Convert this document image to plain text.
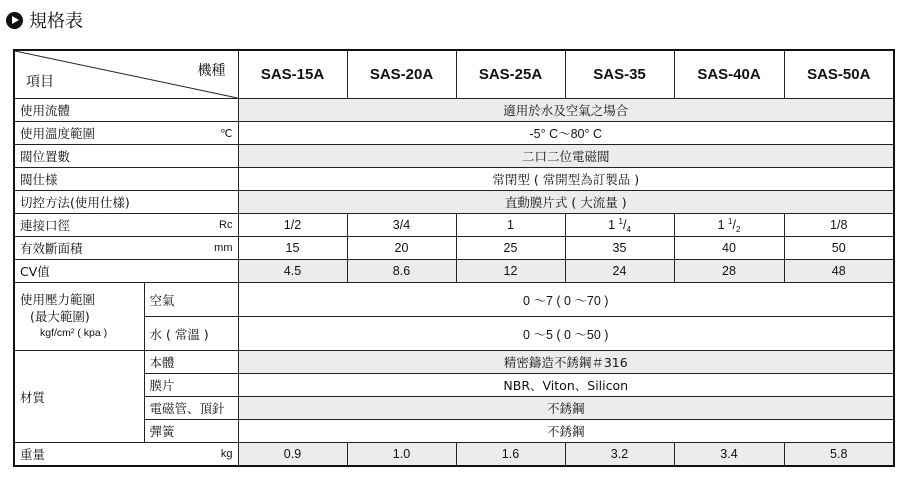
規格表
項目
機種		SAS-15A	SAS-20A	SAS-25A	SAS-35	SAS-40A	SAS-50A
使用流體		適用於水及空氣之場合					

使用溫度範圍 ℃		-5° C～80° C					
閥位置數		二口二位電磁閥					
閥仕様		常閉型 ( 常開型為訂製品 )					
切控方法(使用仕樣)		直動膜片式 ( 大流量 )					

連接口徑 Rc		1/2	3/4	1	1 $^1/_4$	1 $^1/_2$	1/8

有效斷面積 mm		15	20	25	35	40	50
CV值		4.5	8.6	12	24	28	48

使用壓力範圍
(最大範圍)
kgf/cm² ( kpa )	空氣	0 ～7 ( 0 ～70 )					
	水 ( 常溫 )	0 ～5 ( 0 ～50 )					
材質	本體	精密鑄造不銹鋼＃316					
	膜片	NBR、Viton、Silicon					
	電磁管、頂針	不銹鋼					
	彈簧	不銹鋼					

重量 kg		0.9	1.0	1.6	3.2	3.4	5.8
